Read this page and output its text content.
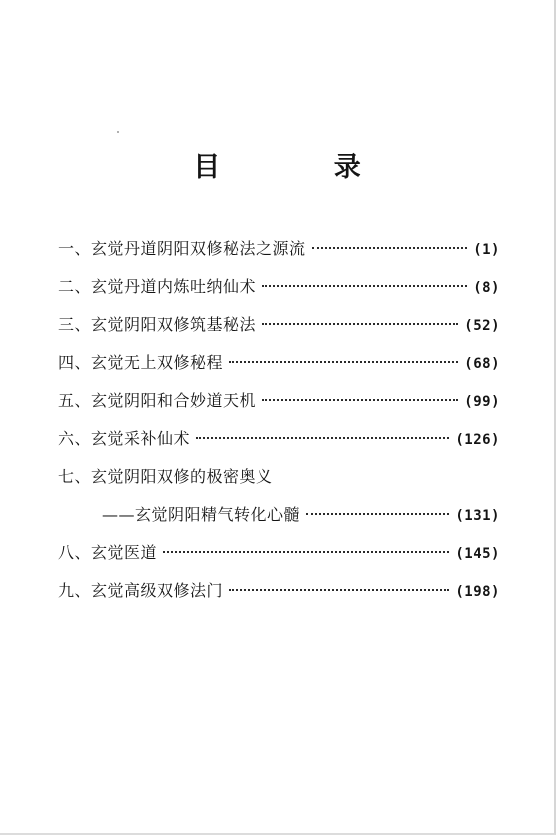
目 录
一、 玄觉丹道阴阳双修秘法之源流	(1)
二、 玄觉丹道内炼吐纳仙术	(8)
三、 玄觉阴阳双修筑基秘法	(52)
四、 玄觉无上双修秘程	(68)
五、 玄觉阴阳和合妙道天机	(99)
六、 玄觉采补仙术	(126)
七、 玄觉阴阳双修的极密奥义
——玄觉阴阳精气转化心髓	(131)
八、 玄觉医道	(145)
九、 玄觉高级双修法门	(198)
